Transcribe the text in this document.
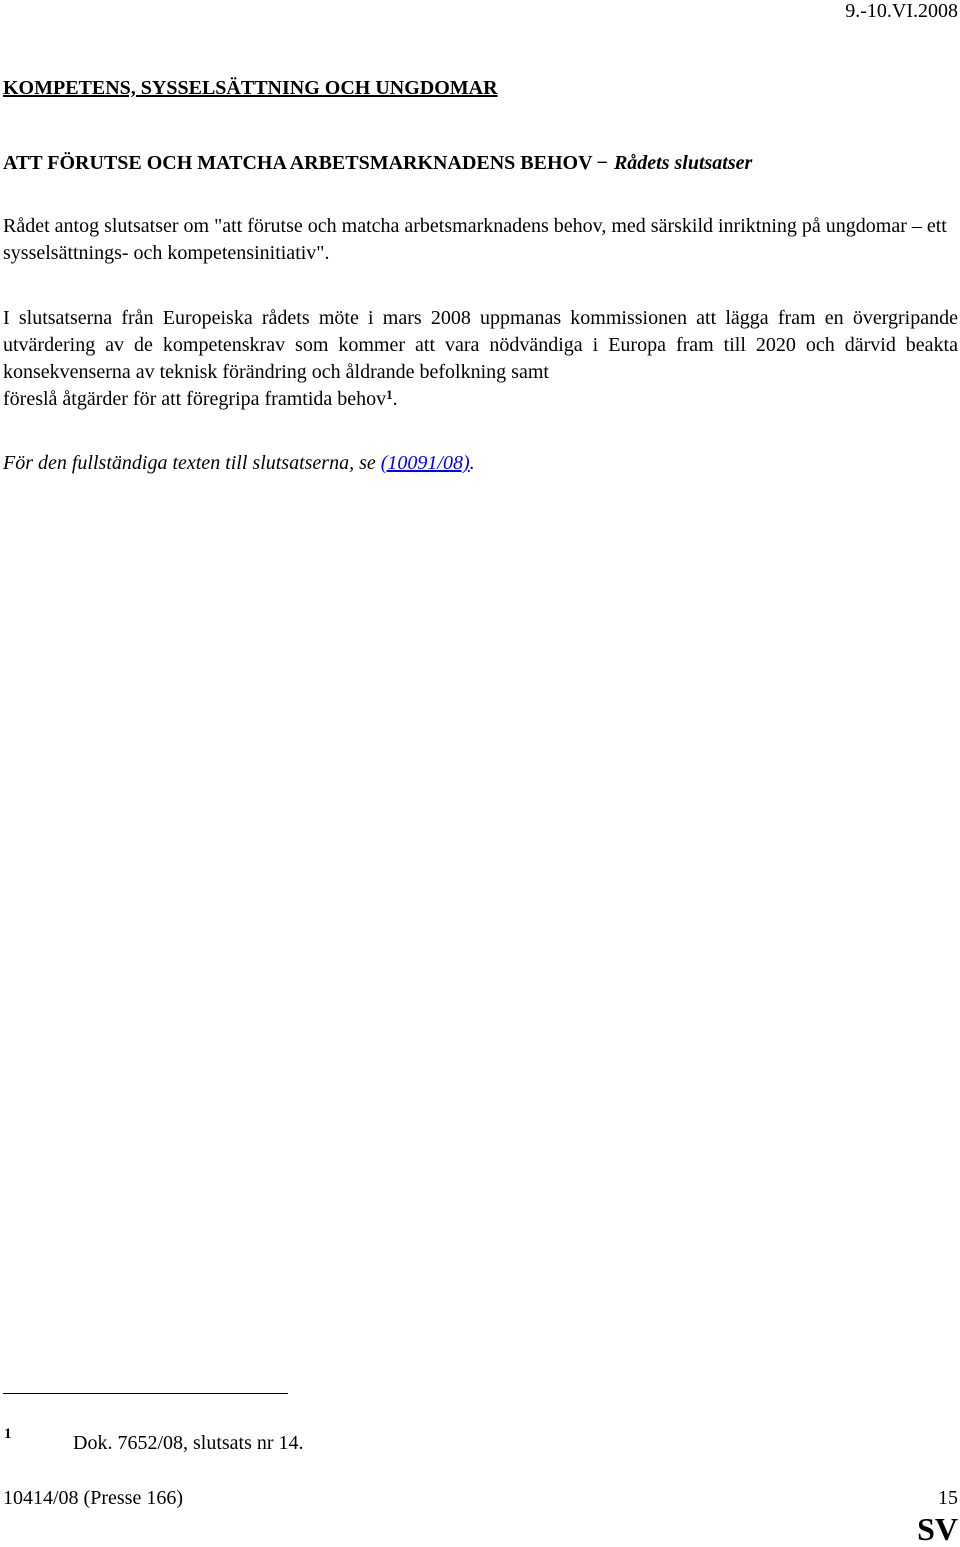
9.-10.VI.2008
KOMPETENS, SYSSELSÄTTNING OCH UNGDOMAR
ATT FÖRUTSE OCH MATCHA ARBETSMARKNADENS BEHOV − Rådets slutsatser
Rådet antog slutsatser om "att förutse och matcha arbetsmarknadens behov, med särskild inriktning på ungdomar – ett sysselsättnings- och kompetensinitiativ".
I slutsatserna från Europeiska rådets möte i mars 2008 uppmanas kommissionen att lägga fram en övergripande utvärdering av de kompetenskrav som kommer att vara nödvändiga i Europa fram till 2020 och därvid beakta konsekvenserna av teknisk förändring och åldrande befolkning samt
föreslå åtgärder för att föregripa framtida behov$^1$.
För den fullständiga texten till slutsatserna, se (10091/08).
1	Dok. 7652/08, slutsats nr 14.
10414/08 (Presse 166)	15
SV
